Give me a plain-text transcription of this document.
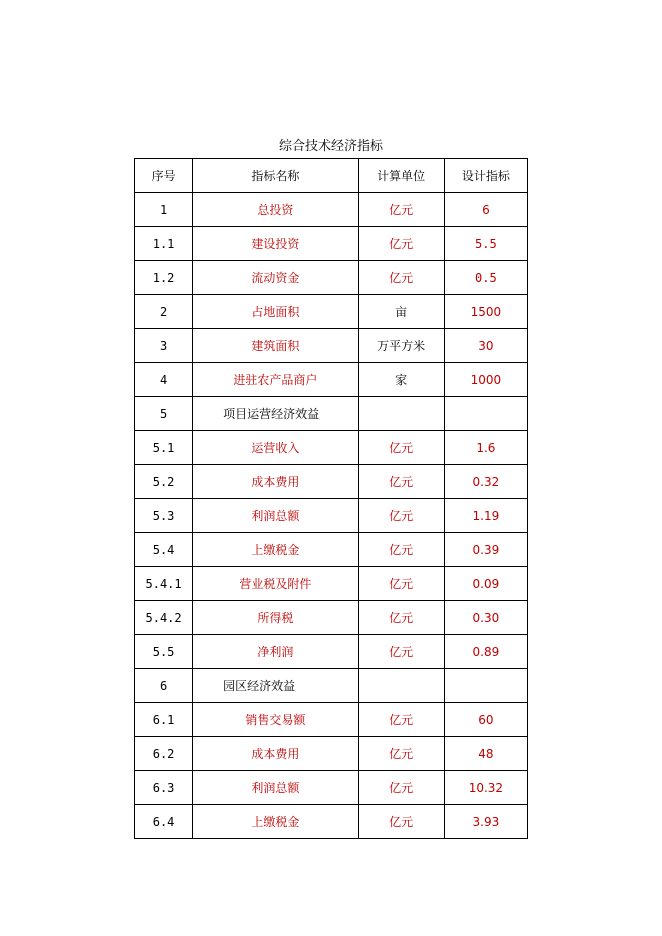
综合技术经济指标
序号	指标名称	计算单位	设计指标
1	总投资	亿元	6
1.1	建设投资	亿元	5.5
1.2	流动资金	亿元	0.5
2	占地面积	亩	1500
3	建筑面积	万平方米	30
4	进驻农产品商户	家	1000
5	项目运营经济效益		
5.1	运营收入	亿元	1.6
5.2	成本费用	亿元	0.32
5.3	利润总额	亿元	1.19
5.4	上缴税金	亿元	0.39
5.4.1	营业税及附件	亿元	0.09
5.4.2	所得税	亿元	0.30
5.5	净利润	亿元	0.89
6	园区经济效益		
6.1	销售交易额	亿元	60
6.2	成本费用	亿元	48
6.3	利润总额	亿元	10.32
6.4	上缴税金	亿元	3.93
